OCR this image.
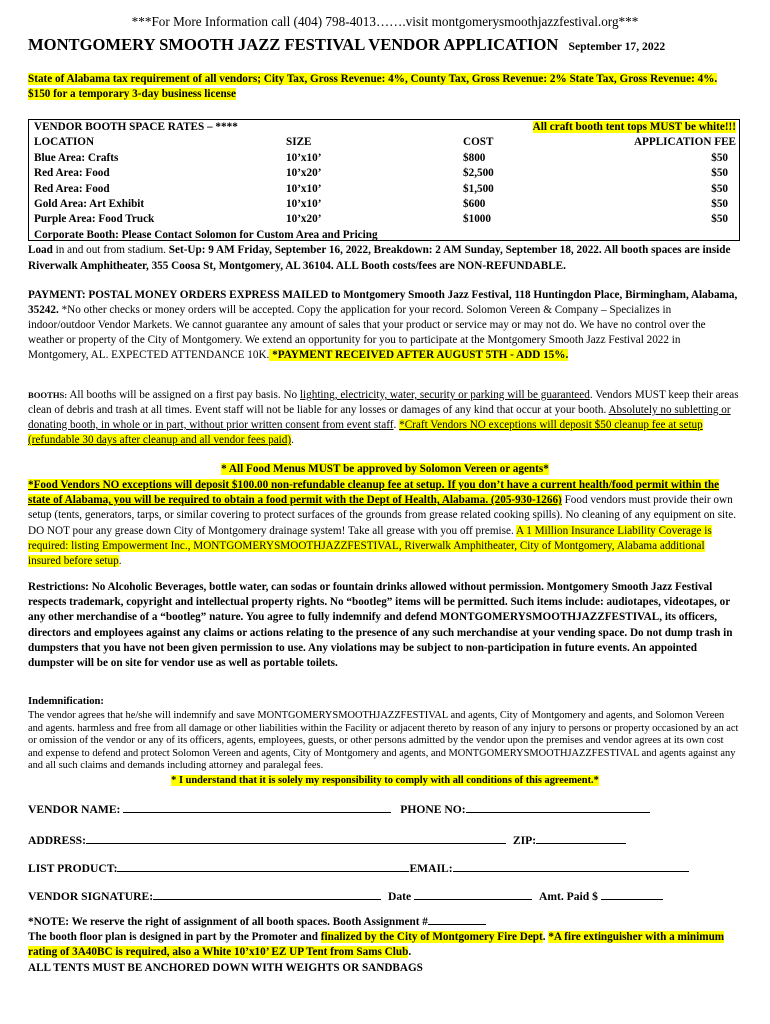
***For More Information call (404) 798-4013…….visit montgomerysmoothjazzfestival.org***
MONTGOMERY SMOOTH JAZZ FESTIVAL VENDOR APPLICATION September 17, 2022
State of Alabama tax requirement of all vendors; City Tax, Gross Revenue: 4%, County Tax, Gross Revenue: 2% State Tax, Gross Revenue: 4%. $150 for a temporary 3-day business license
VENDOR BOOTH SPACE RATES – ****		All craft booth tent tops MUST be white!!!	
LOCATION	SIZE	COST	APPLICATION FEE
Blue Area: Crafts	10’x10’	$800	$50
Red Area: Food	10’x20’	$2,500	$50
Red Area: Food	10’x10’	$1,500	$50
Gold Area: Art Exhibit	10’x10’	$600	$50
Purple Area: Food Truck	10’x20’	$1000	$50
Corporate Booth: Please Contact Solomon for Custom Area and Pricing			
Load in and out from stadium. Set-Up: 9 AM Friday, September 16, 2022, Breakdown: 2 AM Sunday, September 18, 2022. All booth spaces are inside Riverwalk Amphitheater, 355 Coosa St, Montgomery, AL 36104. ALL Booth costs/fees are NON-REFUNDABLE.
PAYMENT: POSTAL MONEY ORDERS EXPRESS MAILED to Montgomery Smooth Jazz Festival, 118 Huntingdon Place, Birmingham, Alabama, 35242. *No other checks or money orders will be accepted. Copy the application for your record. Solomon Vereen & Company – Specializes in indoor/outdoor Vendor Markets. We cannot guarantee any amount of sales that your product or service may or may not do. We have no control over the weather or property of the City of Montgomery. We extend an opportunity for you to participate at the Montgomery Smooth Jazz Festival 2022 in Montgomery, AL. EXPECTED ATTENDANCE 10K. *PAYMENT RECEIVED AFTER AUGUST 5TH - ADD 15%.
BOOTHS: All booths will be assigned on a first pay basis. No lighting, electricity, water, security or parking will be guaranteed. Vendors MUST keep their areas clean of debris and trash at all times. Event staff will not be liable for any losses or damages of any kind that occur at your booth. Absolutely no subletting or donating booth, in whole or in part, without prior written consent from event staff. *Craft Vendors NO exceptions will deposit $50 cleanup fee at setup (refundable 30 days after cleanup and all vendor fees paid).
* All Food Menus MUST be approved by Solomon Vereen or agents*
*Food Vendors NO exceptions will deposit $100.00 non-refundable cleanup fee at setup. If you don’t have a current health/food permit within the state of Alabama, you will be required to obtain a food permit with the Dept of Health, Alabama. (205-930-1266) Food vendors must provide their own setup (tents, generators, tarps, or similar covering to protect surfaces of the grounds from grease related cooking spills). No cleaning of any equipment on site. DO NOT pour any grease down City of Montgomery drainage system! Take all grease with you off premise. A 1 Million Insurance Liability Coverage is required: listing Empowerment Inc., MONTGOMERYSMOOTHJAZZFESTIVAL, Riverwalk Amphitheater, City of Montgomery, Alabama additional insured before setup.
Restrictions: No Alcoholic Beverages, bottle water, can sodas or fountain drinks allowed without permission. Montgomery Smooth Jazz Festival respects trademark, copyright and intellectual property rights. No “bootleg” items will be permitted. Such items include: audiotapes, videotapes, or any other merchandise of a “bootleg” nature. You agree to fully indemnify and defend MONTGOMERYSMOOTHJAZZFESTIVAL, its officers, directors and employees against any claims or actions relating to the presence of any such merchandise at your vending space. Do not dump trash in dumpsters that you have not been given permission to use. Any violations may be subject to non-participation in future events. An appointed dumpster will be on site for vendor use as well as portable toilets.
Indemnification:
The vendor agrees that he/she will indemnify and save MONTGOMERYSMOOTHJAZZFESTIVAL and agents, City of Montgomery and agents, and Solomon Vereen and agents. harmless and free from all damage or other liabilities within the Facility or adjacent thereto by reason of any injury to persons or property occasioned by an act or omission of the vendor or any of its officers, agents, employees, guests, or other persons admitted by the vendor upon the premises and vendor agrees at its own cost and expense to defend and protect Solomon Vereen and agents, City of Montgomery and agents, and MONTGOMERYSMOOTHJAZZFESTIVAL and agents against any and all such claims and demands including attorney and paralegal fees.
* I understand that it is solely my responsibility to comply with all conditions of this agreement.*
VENDOR NAME:	PHONE NO:
ADDRESS:	ZIP:
LIST PRODUCT:	EMAIL:
VENDOR SIGNATURE:	Date	Amt. Paid $
*NOTE: We reserve the right of assignment of all booth spaces. Booth Assignment #
The booth floor plan is designed in part by the Promoter and finalized by the City of Montgomery Fire Dept. *A fire extinguisher with a minimum rating of 3A40BC is required, also a White 10’x10’ EZ UP Tent from Sams Club.
ALL TENTS MUST BE ANCHORED DOWN WITH WEIGHTS OR SANDBAGS
